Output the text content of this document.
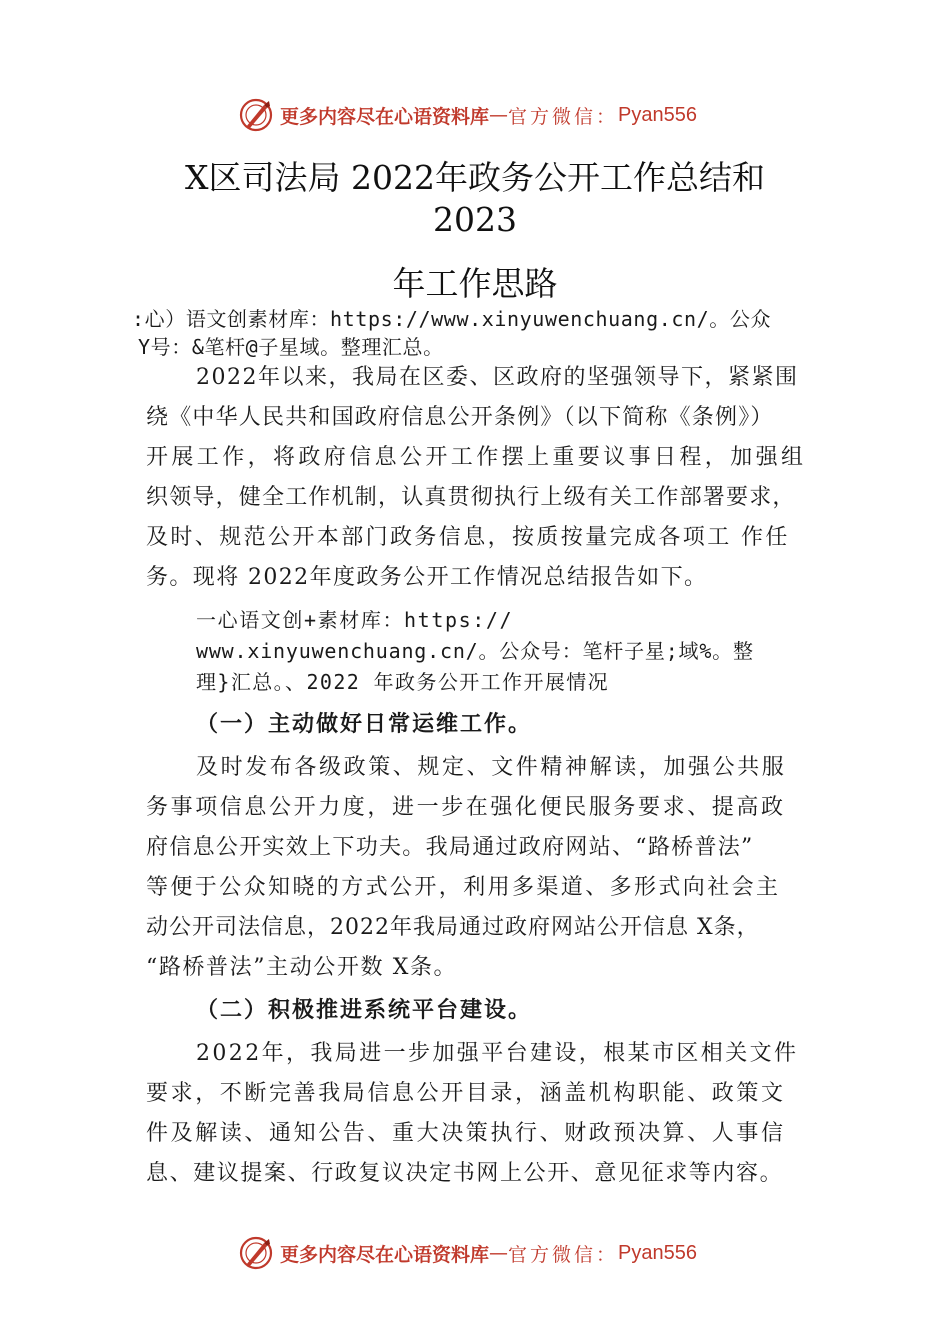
更多内容尽在心语资料库 — 官方微信： Pyan556
X区司法局 2022年政务公开工作总结和
2023
年工作思路

:心）语文创素材库：https://www.xinyuwenchuang.cn/。公众

Y号：&笔杆@子星域。整理汇总。

2022年以来，我局在区委、区政府的坚强领导下，紧紧围

绕《中华人民共和国政府信息公开条例》（以下简称《条例》）

开展工作，将政府信息公开工作摆上重要议事日程，加强组

织领导，健全工作机制，认真贯彻执行上级有关工作部署要求，

及时、规范公开本部门政务信息，按质按量完成各项工 作任

务。现将 2022年度政务公开工作情况总结报告如下。

一心语文创+素材库：https://

www.xinyuwenchuang.cn/。公众号：笔杆子星;域%。整

理}汇总。、2022 年政务公开工作开展情况

（一）主动做好日常运维工作。

及时发布各级政策、规定、文件精神解读，加强公共服

务事项信息公开力度，进一步在强化便民服务要求、提高政

府信息公开实效上下功夫。我局通过政府网站、“路桥普法”

等便于公众知晓的方式公开，利用多渠道、多形式向社会主

动公开司法信息，2022年我局通过政府网站公开信息 X条，

“路桥普法”主动公开数 X条。

（二）积极推进系统平台建设。

2022年，我局进一步加强平台建设，根某市区相关文件

要求，不断完善我局信息公开目录，涵盖机构职能、政策文

件及解读、通知公告、重大决策执行、财政预决算、人事信

息、建议提案、行政复议决定书网上公开、意见征求等内容。

更多内容尽在心语资料库 — 官方微信： Pyan556
